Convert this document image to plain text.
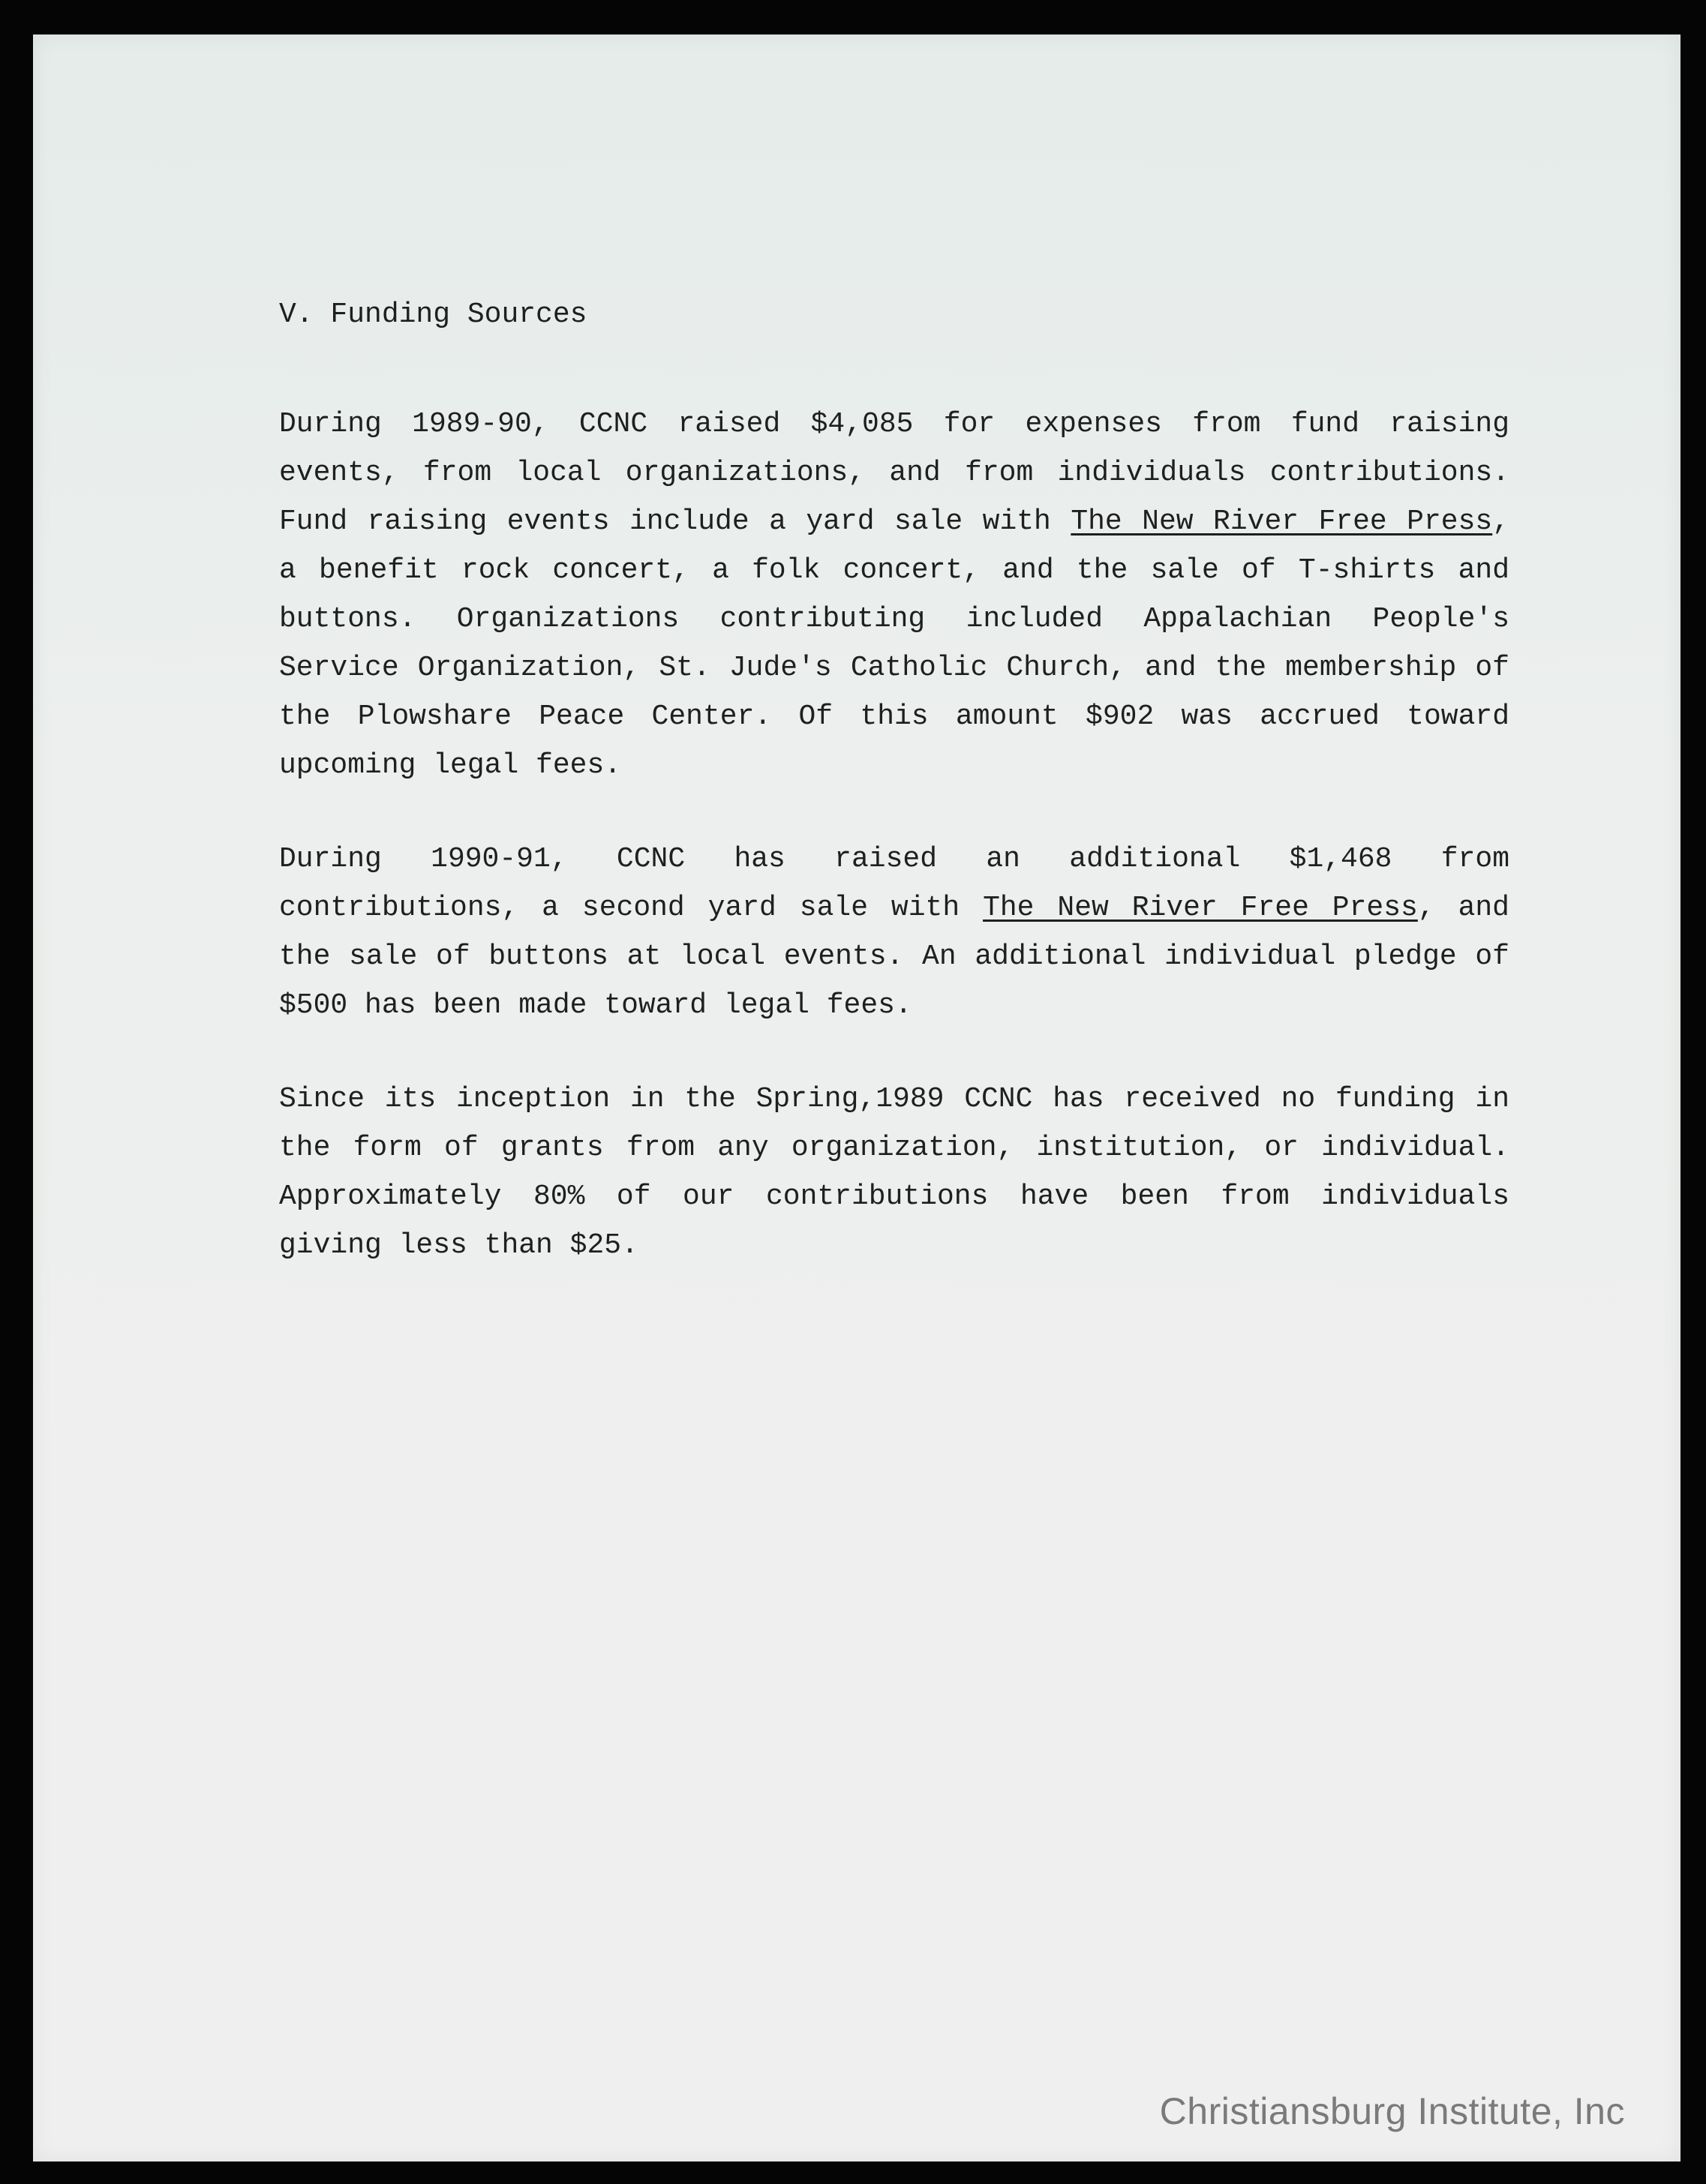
V. Funding Sources

During 1989-90, CCNC raised $4,085 for expenses from fund raising events, from local organizations, and from individuals contributions. Fund raising events include a yard sale with The New River Free Press, a benefit rock concert, a folk concert, and the sale of T-shirts and buttons. Organizations contributing included Appalachian People's Service Organization, St. Jude's Catholic Church, and the membership of the Plowshare Peace Center. Of this amount $902 was accrued toward upcoming legal fees.

During 1990-91, CCNC has raised an additional $1,468 from contributions, a second yard sale with The New River Free Press, and the sale of buttons at local events. An additional individual pledge of $500 has been made toward legal fees.

Since its inception in the Spring,1989 CCNC has received no funding in the form of grants from any organization, institution, or individual. Approximately 80% of our contributions have been from individuals giving less than $25.

Christiansburg Institute, Inc
